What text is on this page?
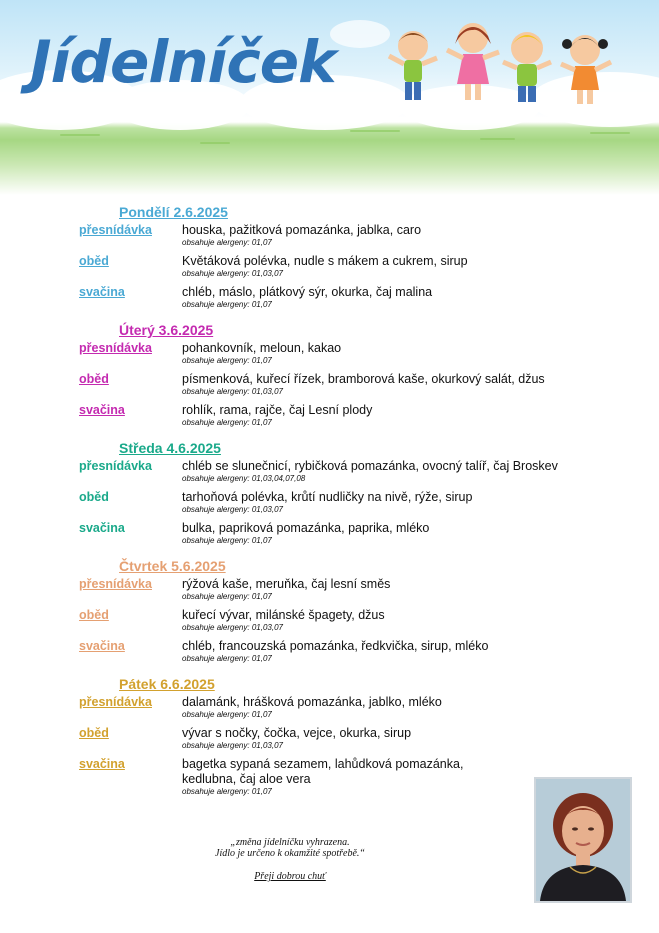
Jídelníček
Pondělí 2.6.2025
přesnídávka houska, pažitková pomazánka, jablka, caro
obsahuje alergeny: 01,07
oběd	Květáková polévka, nudle s mákem a cukrem, sirup
obsahuje alergeny: 01,03,07
svačina	chléb, máslo, plátkový sýr, okurka, čaj malina
obsahuje alergeny: 01,07
Úterý 3.6.2025
přesnídávka pohankovník, meloun, kakao
obsahuje alergeny: 01,07
oběd	písmenková, kuřecí řízek, bramborová kaše, okurkový salát, džus
obsahuje alergeny: 01,03,07
svačina	rohlík, rama, rajče, čaj Lesní plody
obsahuje alergeny: 01,07
Středa 4.6.2025
přesnídávka chléb se slunečnicí, rybičková pomazánka, ovocný talíř, čaj Broskev
obsahuje alergeny: 01,03,04,07,08
oběd	tarhoňová polévka, krůtí nudličky na nivě, rýže, sirup
obsahuje alergeny: 01,03,07
svačina	bulka, papriková pomazánka, paprika, mléko
obsahuje alergeny: 01,07
Čtvrtek 5.6.2025
přesnídávka rýžová kaše, meruňka, čaj lesní směs
obsahuje alergeny: 01,07
oběd	kuřecí vývar, milánské špagety, džus
obsahuje alergeny: 01,03,07
svačina	chléb, francouzská pomazánka, ředkvička, sirup, mléko
obsahuje alergeny: 01,07
Pátek 6.6.2025
přesnídávka dalamánk, hrášková pomazánka, jablko, mléko
obsahuje alergeny: 01,07
oběd	vývar s nočky, čočka, vejce, okurka, sirup
obsahuje alergeny: 01,03,07
svačina	bagetka sypaná sezamem, lahůdková pomazánka, kedlubna, čaj aloe vera
obsahuje alergeny: 01,07
„změna jídelníčku vyhrazena.
Jídlo je určeno k okamžité spotřebě.“
Přeji dobrou chuť
